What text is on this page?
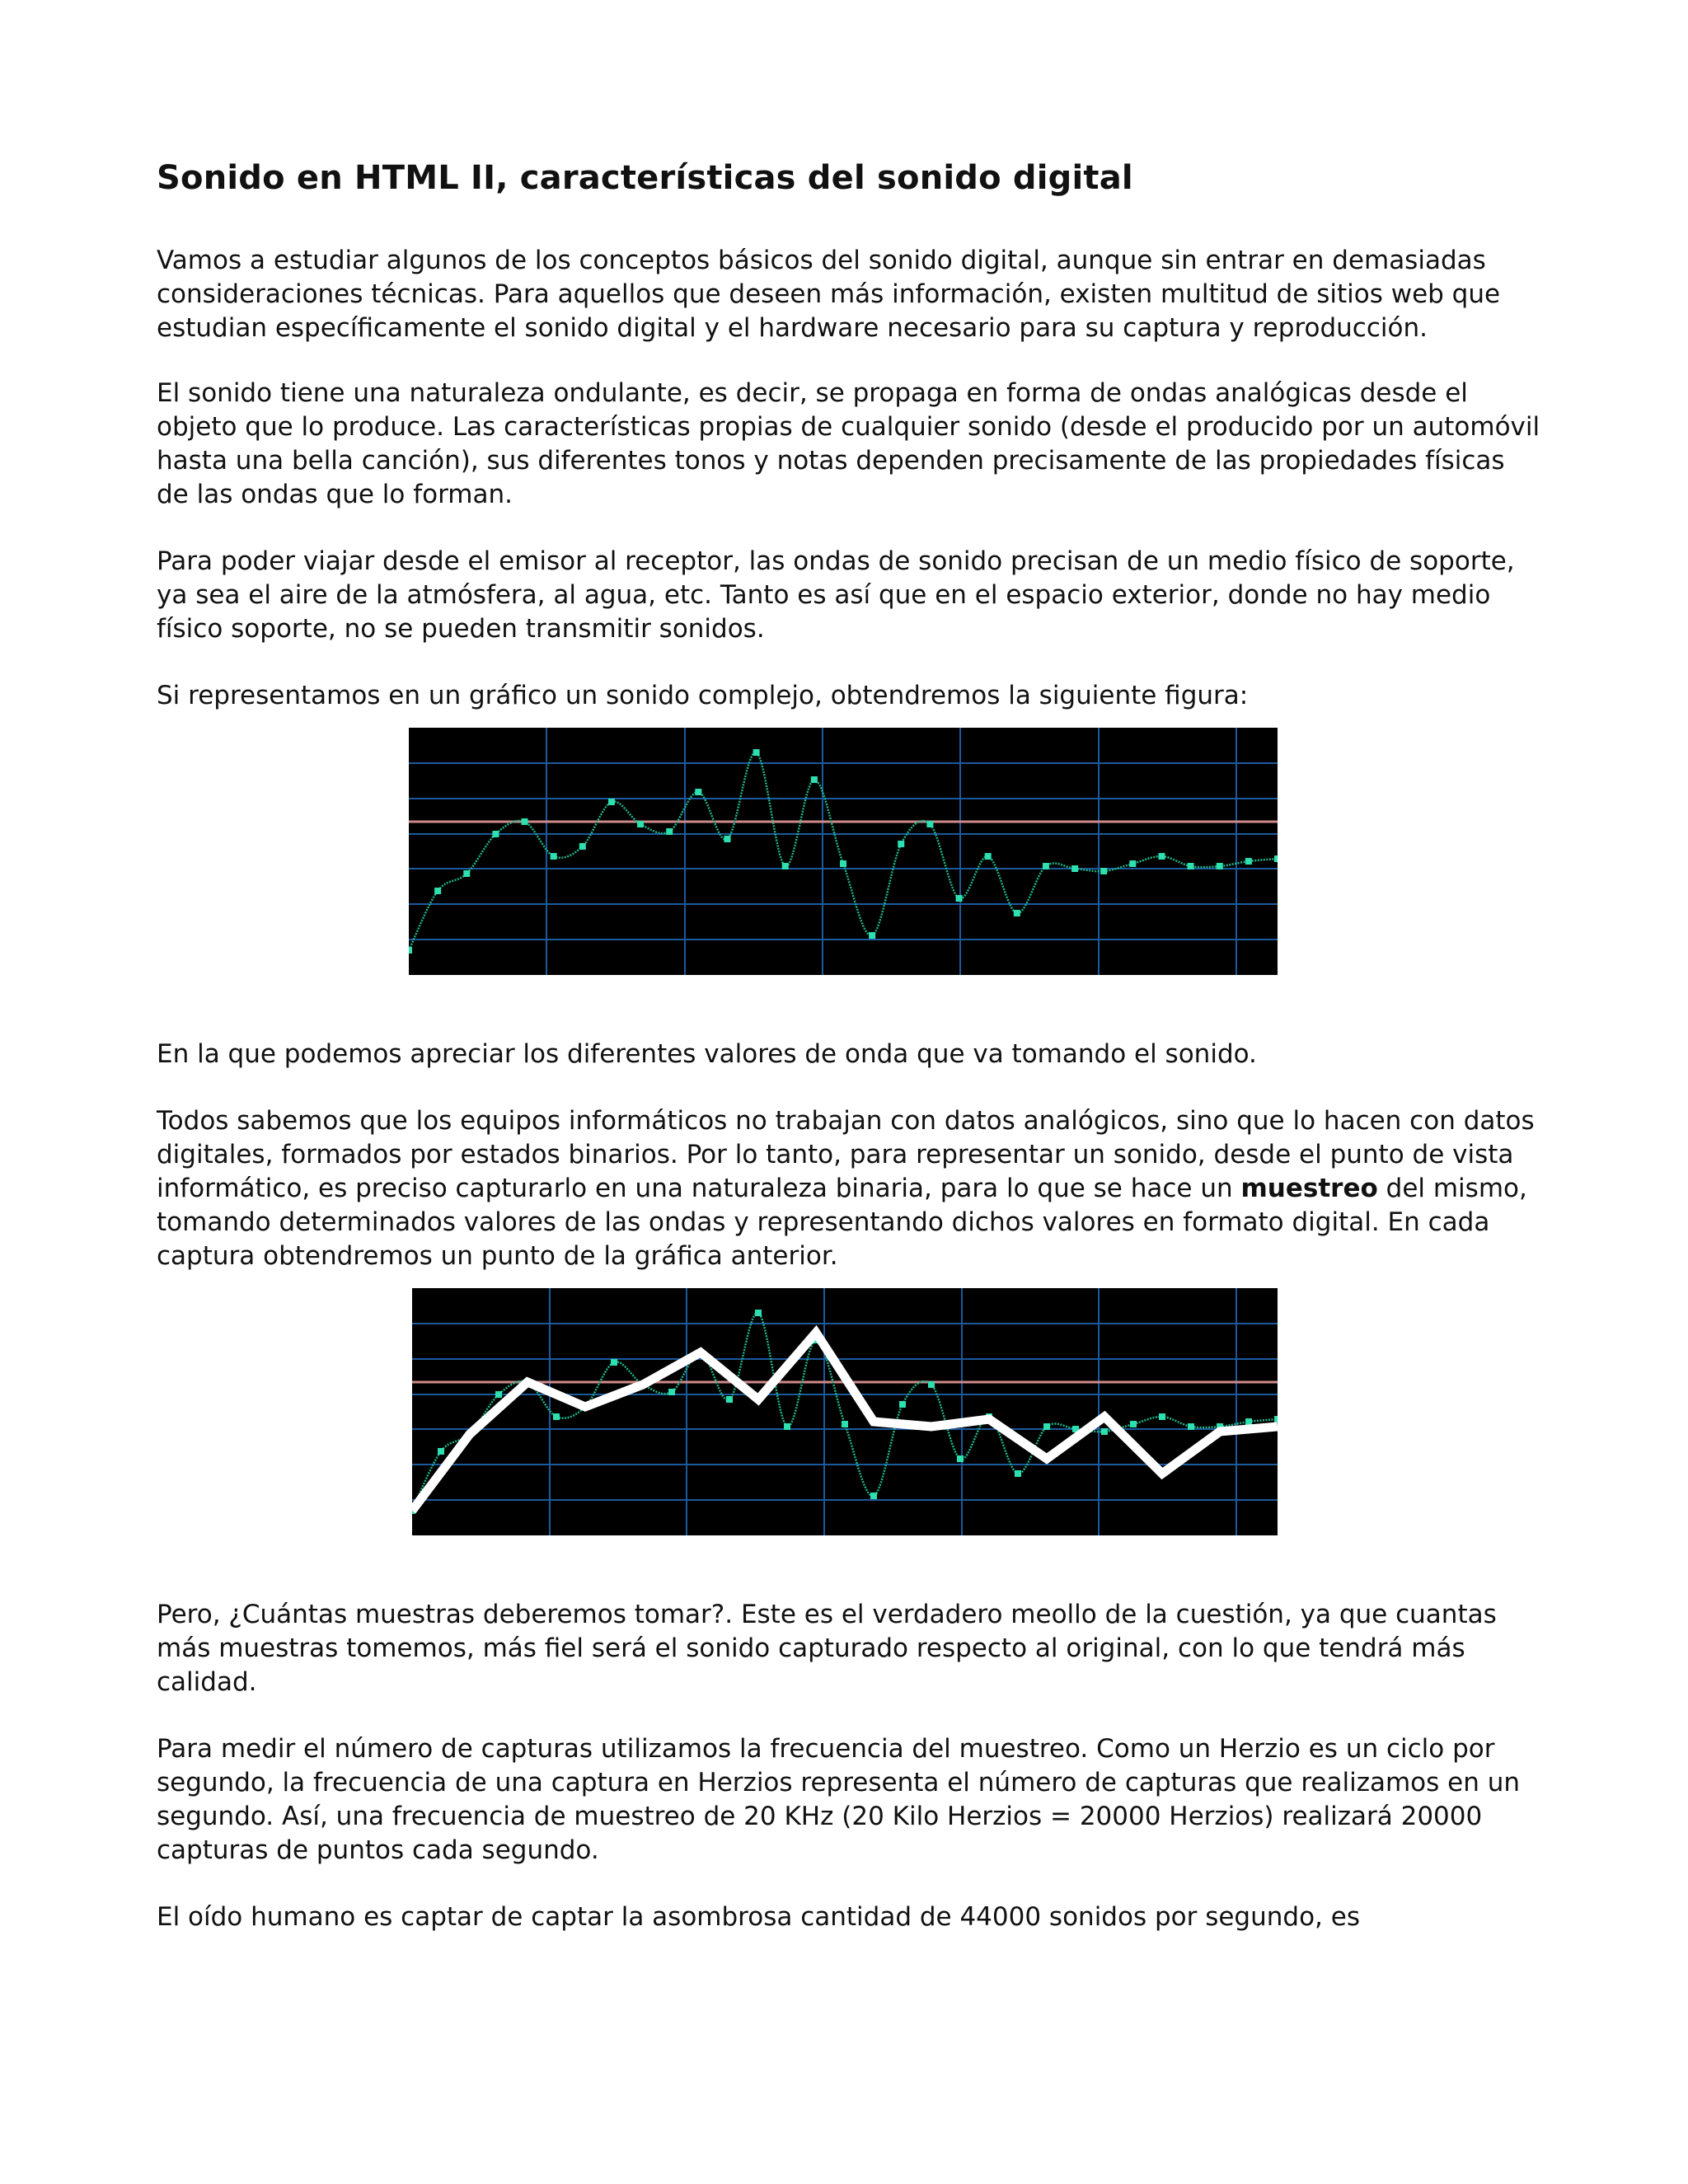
Sonido en HTML II, características del sonido digital

Vamos a estudiar algunos de los conceptos básicos del sonido digital, aunque sin entrar en demasiadas consideraciones técnicas. Para aquellos que deseen más información, existen multitud de sitios web que estudian específicamente el sonido digital y el hardware necesario para su captura y reproducción.

El sonido tiene una naturaleza ondulante, es decir, se propaga en forma de ondas analógicas desde el objeto que lo produce. Las características propias de cualquier sonido (desde el producido por un automóvil hasta una bella canción), sus diferentes tonos y notas dependen precisamente de las propiedades físicas de las ondas que lo forman.

Para poder viajar desde el emisor al receptor, las ondas de sonido precisan de un medio físico de soporte, ya sea el aire de la atmósfera, al agua, etc. Tanto es así que en el espacio exterior, donde no hay medio físico soporte, no se pueden transmitir sonidos.

Si representamos en un gráfico un sonido complejo, obtendremos la siguiente figura:

En la que podemos apreciar los diferentes valores de onda que va tomando el sonido.

Todos sabemos que los equipos informáticos no trabajan con datos analógicos, sino que lo hacen con datos digitales, formados por estados binarios. Por lo tanto, para representar un sonido, desde el punto de vista informático, es preciso capturarlo en una naturaleza binaria, para lo que se hace un muestreo del mismo, tomando determinados valores de las ondas y representando dichos valores en formato digital. En cada captura obtendremos un punto de la gráfica anterior.

Pero, ¿Cuántas muestras deberemos tomar?. Este es el verdadero meollo de la cuestión, ya que cuantas más muestras tomemos, más fiel será el sonido capturado respecto al original, con lo que tendrá más calidad.

Para medir el número de capturas utilizamos la frecuencia del muestreo. Como un Herzio es un ciclo por segundo, la frecuencia de una captura en Herzios representa el número de capturas que realizamos en un segundo. Así, una frecuencia de muestreo de 20 KHz (20 Kilo Herzios = 20000 Herzios) realizará 20000 capturas de puntos cada segundo.

El oído humano es captar de captar la asombrosa cantidad de 44000 sonidos por segundo, es
